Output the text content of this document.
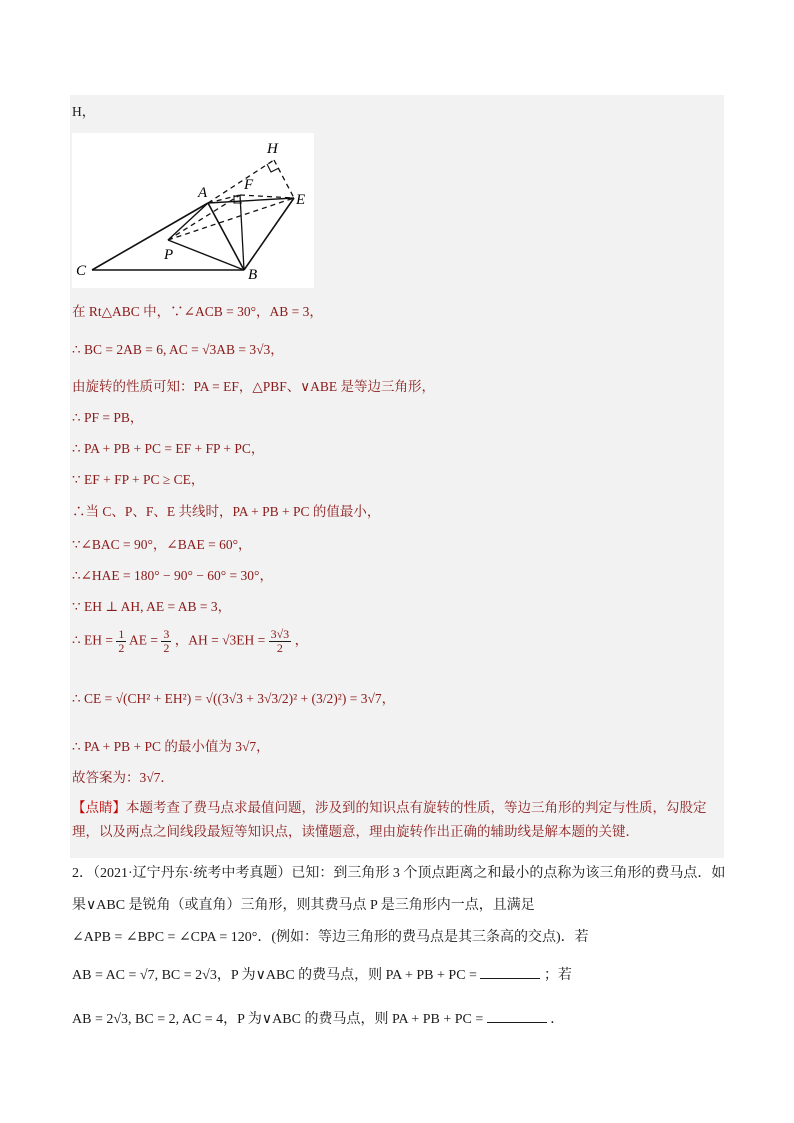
H，
H
A F
E
C
P
B
在 Rt△ABC 中，∵∠ACB = 30°，AB = 3，
∴ BC = 2AB = 6, AC = √3AB = 3√3，
由旋转的性质可知：PA = EF，△PBF、∨ABE 是等边三角形，
∴ PF = PB，
∴ PA + PB + PC = EF + FP + PC，
∵ EF + FP + PC ≥ CE，
∴当 C、P、F、E 共线时，PA + PB + PC 的值最小，
∵∠BAC = 90°，∠BAE = 60°，
∴∠HAE = 180° − 90° − 60° = 30°，
∵ EH ⊥ AH, AE = AB = 3，
∴ EH = $\frac{1}{2}$ AE = $\frac{3}{2}$ ，AH = $√3EH = \frac{3√3}{2}$ ，
∴ CE = √(CH² + EH²) = √((3√3 + 3√3/2)² + (3/2)²) = 3√7，
∴ PA + PB + PC 的最小值为 3√7，
故答案为：3√7．
【点睛】本题考查了费马点求最值问题，涉及到的知识点有旋转的性质，等边三角形的判定与性质，勾股定理，以及两点之间线段最短等知识点，读懂题意，理由旋转作出正确的辅助线是解本题的关键．
2．（2021·辽宁丹东·统考中考真题）已知：到三角形 3 个顶点距离之和最小的点称为该三角形的费马点．如
果∨ABC 是锐角（或直角）三角形，则其费马点 P 是三角形内一点，且满足
∠APB = ∠BPC = ∠CPA = 120°．(例如：等边三角形的费马点是其三条高的交点)．若
AB = AC = √7, BC = 2√3，P 为∨ABC 的费马点，则 PA + PB + PC =	；若
AB = 2√3, BC = 2, AC = 4，P 为∨ABC 的费马点，则 PA + PB + PC =	．
